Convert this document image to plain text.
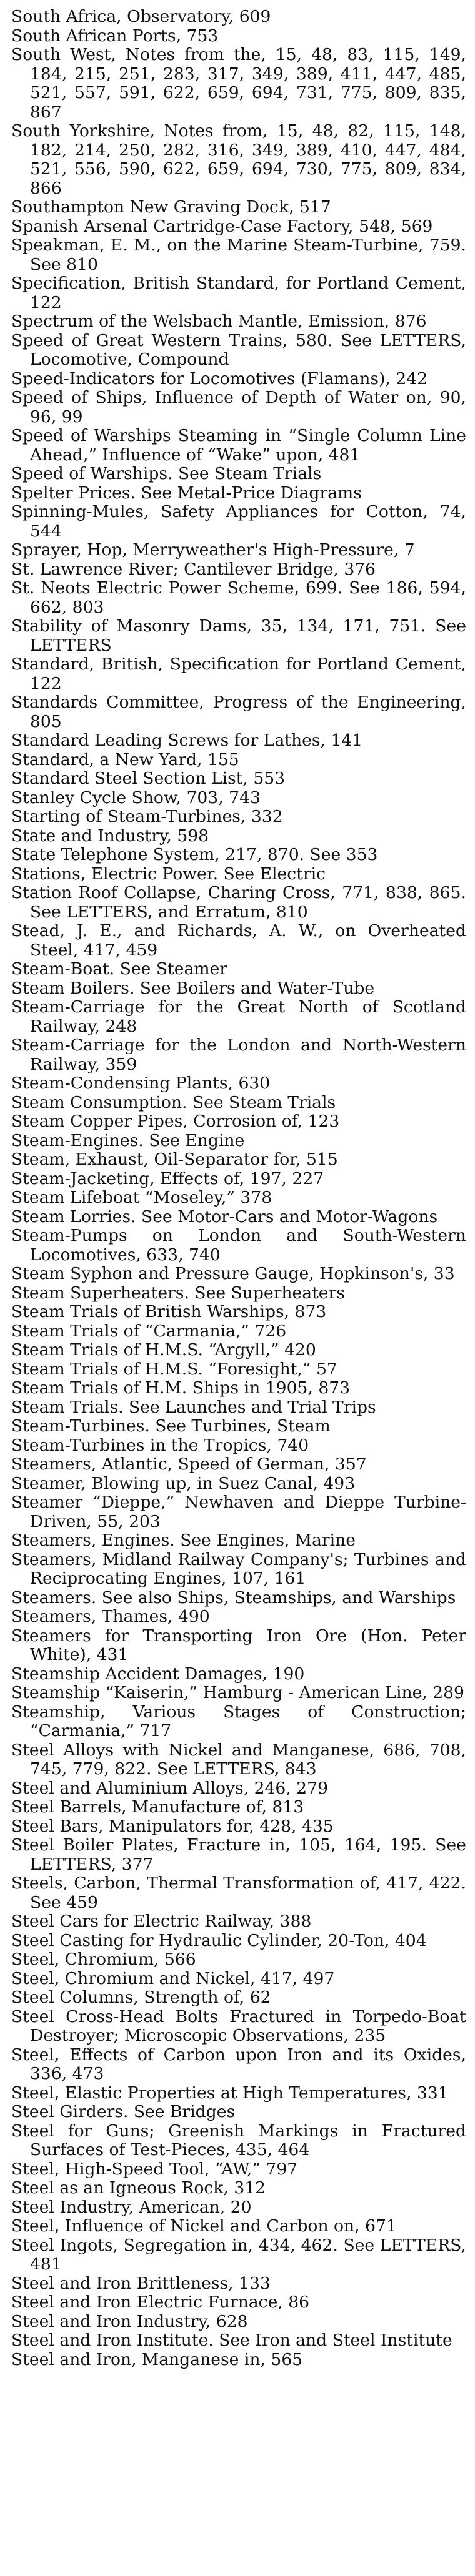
South Africa, Observatory, 609

South African Ports, 753

South West, Notes from the, 15, 48, 83, 115, 149, 184, 215, 251, 283, 317, 349, 389, 411, 447, 485, 521, 557, 591, 622, 659, 694, 731, 775, 809, 835, 867

South Yorkshire, Notes from, 15, 48, 82, 115, 148, 182, 214, 250, 282, 316, 349, 389, 410, 447, 484, 521, 556, 590, 622, 659, 694, 730, 775, 809, 834, 866

Southampton New Graving Dock, 517

Spanish Arsenal Cartridge-Case Factory, 548, 569

Speakman, E. M., on the Marine Steam-Turbine, 759. See 810

Specification, British Standard, for Portland Cement, 122

Spectrum of the Welsbach Mantle, Emission, 876

Speed of Great Western Trains, 580. See LETTERS, Locomotive, Compound

Speed-Indicators for Locomotives (Flamans), 242

Speed of Ships, Influence of Depth of Water on, 90, 96, 99

Speed of Warships Steaming in “Single Column Line Ahead,” Influence of “Wake” upon, 481

Speed of Warships. See Steam Trials

Spelter Prices. See Metal-Price Diagrams

Spinning-Mules, Safety Appliances for Cotton, 74, 544

Sprayer, Hop, Merryweather's High-Pressure, 7

St. Lawrence River; Cantilever Bridge, 376

St. Neots Electric Power Scheme, 699. See 186, 594, 662, 803

Stability of Masonry Dams, 35, 134, 171, 751. See LETTERS

Standard, British, Specification for Portland Cement, 122

Standards Committee, Progress of the Engineering, 805

Standard Leading Screws for Lathes, 141

Standard, a New Yard, 155

Standard Steel Section List, 553

Stanley Cycle Show, 703, 743

Starting of Steam-Turbines, 332

State and Industry, 598

State Telephone System, 217, 870. See 353

Stations, Electric Power. See Electric

Station Roof Collapse, Charing Cross, 771, 838, 865. See LETTERS, and Erratum, 810

Stead, J. E., and Richards, A. W., on Overheated Steel, 417, 459

Steam-Boat. See Steamer

Steam Boilers. See Boilers and Water-Tube

Steam-Carriage for the Great North of Scotland Railway, 248

Steam-Carriage for the London and North-Western Railway, 359

Steam-Condensing Plants, 630

Steam Consumption. See Steam Trials

Steam Copper Pipes, Corrosion of, 123

Steam-Engines. See Engine

Steam, Exhaust, Oil-Separator for, 515

Steam-Jacketing, Effects of, 197, 227

Steam Lifeboat “Moseley,” 378

Steam Lorries. See Motor-Cars and Motor-Wagons

Steam-Pumps on London and South-Western Locomotives, 633, 740

Steam Syphon and Pressure Gauge, Hopkinson's, 33

Steam Superheaters. See Superheaters

Steam Trials of British Warships, 873

Steam Trials of “Carmania,” 726

Steam Trials of H.M.S. “Argyll,” 420

Steam Trials of H.M.S. “Foresight,” 57

Steam Trials of H.M. Ships in 1905, 873

Steam Trials. See Launches and Trial Trips

Steam-Turbines. See Turbines, Steam

Steam-Turbines in the Tropics, 740

Steamers, Atlantic, Speed of German, 357

Steamer, Blowing up, in Suez Canal, 493

Steamer “Dieppe,” Newhaven and Dieppe Turbine-Driven, 55, 203

Steamers, Engines. See Engines, Marine

Steamers, Midland Railway Company's; Turbines and Reciprocating Engines, 107, 161

Steamers. See also Ships, Steamships, and Warships

Steamers, Thames, 490

Steamers for Transporting Iron Ore (Hon. Peter White), 431

Steamship Accident Damages, 190

Steamship “Kaiserin,” Hamburg - American Line, 289

Steamship, Various Stages of Construction; “Carmania,” 717

Steel Alloys with Nickel and Manganese, 686, 708, 745, 779, 822. See LETTERS, 843

Steel and Aluminium Alloys, 246, 279

Steel Barrels, Manufacture of, 813

Steel Bars, Manipulators for, 428, 435

Steel Boiler Plates, Fracture in, 105, 164, 195. See LETTERS, 377

Steels, Carbon, Thermal Transformation of, 417, 422. See 459

Steel Cars for Electric Railway, 388

Steel Casting for Hydraulic Cylinder, 20-Ton, 404

Steel, Chromium, 566

Steel, Chromium and Nickel, 417, 497

Steel Columns, Strength of, 62

Steel Cross-Head Bolts Fractured in Torpedo-Boat Destroyer; Microscopic Observations, 235

Steel, Effects of Carbon upon Iron and its Oxides, 336, 473

Steel, Elastic Properties at High Temperatures, 331

Steel Girders. See Bridges

Steel for Guns; Greenish Markings in Fractured Surfaces of Test-Pieces, 435, 464

Steel, High-Speed Tool, “AW,” 797

Steel as an Igneous Rock, 312

Steel Industry, American, 20

Steel, Influence of Nickel and Carbon on, 671

Steel Ingots, Segregation in, 434, 462. See LETTERS, 481

Steel and Iron Brittleness, 133

Steel and Iron Electric Furnace, 86

Steel and Iron Industry, 628

Steel and Iron Institute. See Iron and Steel Institute

Steel and Iron, Manganese in, 565
